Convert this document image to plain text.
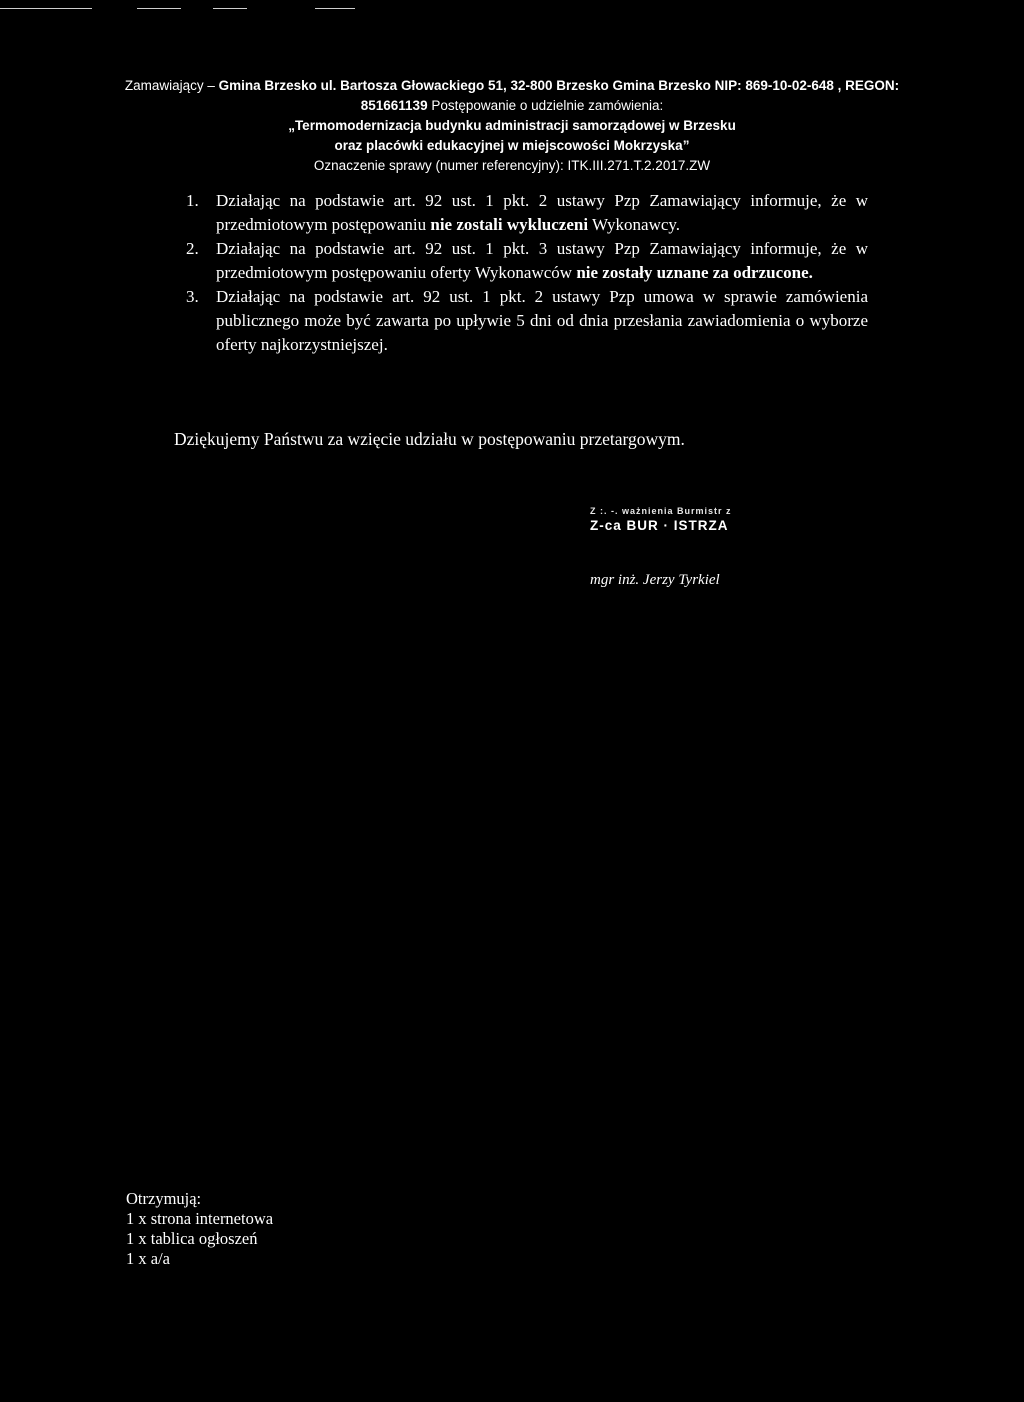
Zamawiający – Gmina Brzesko ul. Bartosza Głowackiego 51, 32-800 Brzesko Gmina Brzesko NIP: 869-10-02-648 , REGON:
851661139 Postępowanie o udzielnie zamówienia:
„Termomodernizacja budynku administracji samorządowej w Brzesku
oraz placówki edukacyjnej w miejscowości Mokrzyska”
Oznaczenie sprawy (numer referencyjny): ITK.III.271.T.2.2017.ZW
1. Działając na podstawie art. 92 ust. 1 pkt. 2 ustawy Pzp Zamawiający informuje, że w przedmiotowym postępowaniu nie zostali wykluczeni Wykonawcy.
2. Działając na podstawie art. 92 ust. 1 pkt. 3 ustawy Pzp Zamawiający informuje, że w przedmiotowym postępowaniu oferty Wykonawców nie zostały uznane za odrzucone.
3. Działając na podstawie art. 92 ust. 1 pkt. 2 ustawy Pzp umowa w sprawie zamówienia publicznego może być zawarta po upływie 5 dni od dnia przesłania zawiadomienia o wyborze oferty najkorzystniejszej.
Dziękujemy Państwu za wzięcie udziału w postępowaniu przetargowym.
Z :. -. ważnienia Burmistr z
Z-ca BUR · ISTRZA
mgr inż. Jerzy Tyrkiel
Otrzymują:
1 x strona internetowa
1 x tablica ogłoszeń
1 x a/a
